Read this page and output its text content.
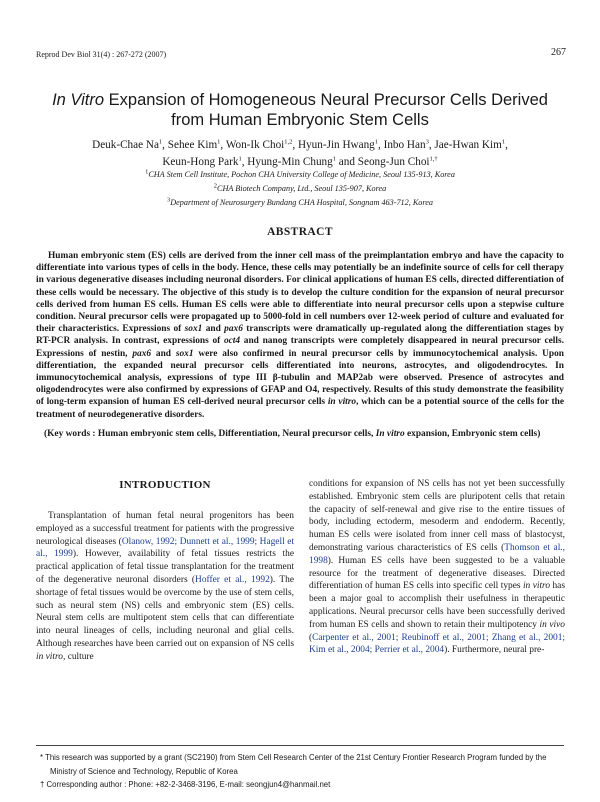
Reprod Dev Biol 31(4) : 267-272 (2007)	267
In Vitro Expansion of Homogeneous Neural Precursor Cells Derived
from Human Embryonic Stem Cells
Deuk-Chae Na$^1$, Sehee Kim$^1$, Won-Ik Choi$^{1,2}$, Hyun-Jin Hwang$^1$, Inbo Han$^3$, Jae-Hwan Kim$^1$,
Keun-Hong Park$^1$, Hyung-Min Chung$^1$ and Seong-Jun Choi$^{1,\dagger}$
$^1$CHA Stem Cell Institute, Pochon CHA University College of Medicine, Seoul 135-913, Korea
$^2$CHA Biotech Company, Ltd., Seoul 135-907, Korea
$^3$Department of Neurosurgery Bundang CHA Hospital, Songnam 463-712, Korea
ABSTRACT

Human embryonic stem (ES) cells are derived from the inner cell mass of the preimplantation embryo and have the capacity to differentiate into various types of cells in the body. Hence, these cells may potentially be an indefinite source of cells for cell therapy in various degenerative diseases including neuronal disorders. For clinical applications of human ES cells, directed differentiation of these cells would be necessary. The objective of this study is to develop the culture condition for the expansion of neural precursor cells derived from human ES cells. Human ES cells were able to differentiate into neural precursor cells upon a stepwise culture condition. Neural precursor cells were propagated up to 5000-fold in cell numbers over 12-week period of culture and evaluated for their characteristics. Expressions of sox1 and pax6 transcripts were dramatically up-regulated along the differentiation stages by RT-PCR analysis. In contrast, expressions of oct4 and nanog transcripts were completely disappeared in neural precursor cells. Expressions of nestin, pax6 and sox1 were also confirmed in neural precursor cells by immunocytochemical analysis. Upon differentiation, the expanded neural precursor cells differentiated into neurons, astrocytes, and oligodendrocytes. In immunocytochemical analysis, expressions of type III β-tubulin and MAP2ab were observed. Presence of astrocytes and oligodendrocytes were also confirmed by expressions of GFAP and O4, respectively. Results of this study demonstrate the feasibility of long-term expansion of human ES cell-derived neural precursor cells in vitro, which can be a potential source of the cells for the treatment of neurodegenerative disorders.

(Key words : Human embryonic stem cells, Differentiation, Neural precursor cells, In vitro expansion, Embryonic stem cells)

INTRODUCTION

Transplantation of human fetal neural progenitors has been employed as a successful treatment for patients with the progressive neurological diseases (Olanow, 1992; Dunnett et al., 1999; Hagell et al., 1999). However, availability of fetal tissues restricts the practical application of fetal tissue transplantation for the treatment of the degenerative neuronal disorders (Hoffer et al., 1992). The shortage of fetal tissues would be overcome by the use of stem cells, such as neural stem (NS) cells and embryonic stem (ES) cells. Neural stem cells are multipotent stem cells that can differentiate into neural lineages of cells, including neuronal and glial cells. Although researches have been carried out on expansion of NS cells in vitro, culture

conditions for expansion of NS cells has not yet been successfully established. Embryonic stem cells are pluripotent cells that retain the capacity of self-renewal and give rise to the entire tissues of body, including ectoderm, mesoderm and endoderm. Recently, human ES cells were isolated from inner cell mass of blastocyst, demonstrating various characteristics of ES cells (Thomson et al., 1998). Human ES cells have been suggested to be a valuable resource for the treatment of degenerative diseases. Directed differentiation of human ES cells into specific cell types in vitro has been a major goal to accomplish their usefulness in therapeutic applications. Neural precursor cells have been successfully derived from human ES cells and shown to retain their multipotency in vivo (Carpenter et al., 2001; Reubinoff et al., 2001; Zhang et al., 2001; Kim et al., 2004; Perrier et al., 2004). Furthermore, neural pre-

* This research was supported by a grant (SC2190) from Stem Cell Research Center of the 21st Century Frontier Research Program funded by the Ministry of Science and Technology, Republic of Korea

† Corresponding author : Phone: +82-2-3468-3196, E-mail: seongjun4@hanmail.net
